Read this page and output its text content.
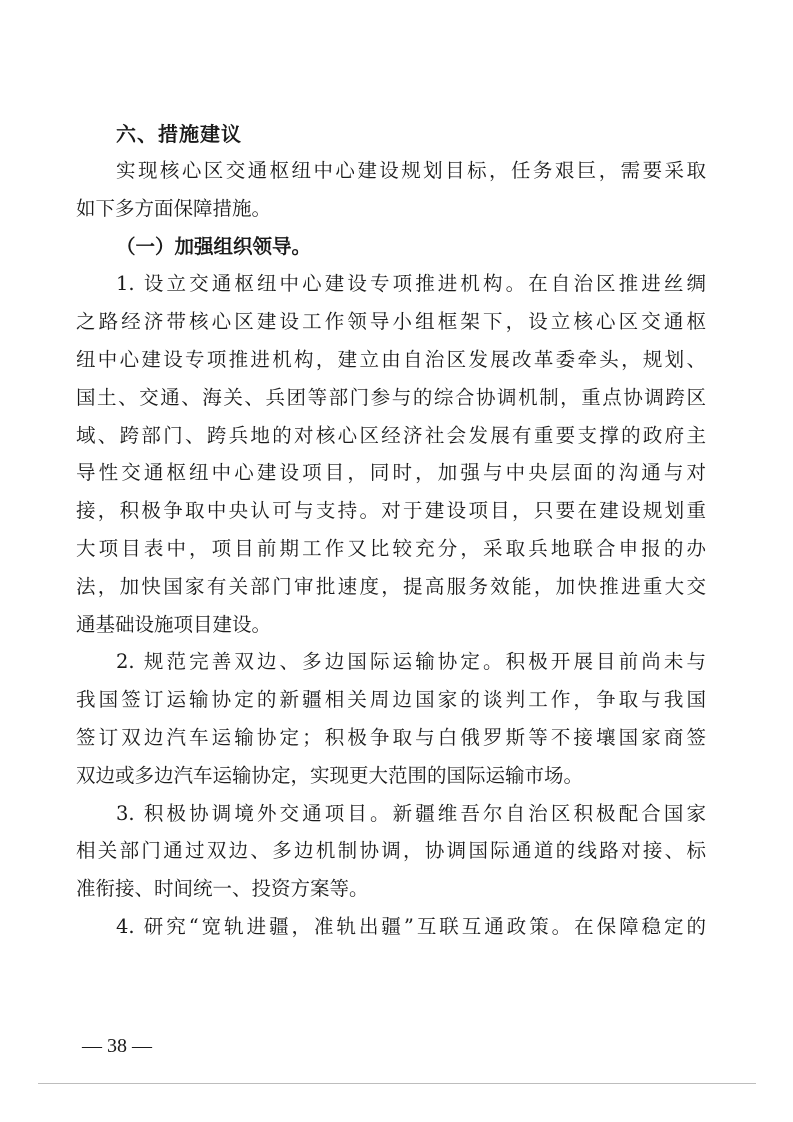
六、措施建议
实现核心区交通枢纽中心建设规划目标，任务艰巨，需要采取
如下多方面保障措施。
（一）加强组织领导。
1. 设立交通枢纽中心建设专项推进机构。在自治区推进丝绸
之路经济带核心区建设工作领导小组框架下，设立核心区交通枢
纽中心建设专项推进机构，建立由自治区发展改革委牵头，规划、
国土、交通、海关、兵团等部门参与的综合协调机制，重点协调跨区
域、跨部门、跨兵地的对核心区经济社会发展有重要支撑的政府主
导性交通枢纽中心建设项目，同时，加强与中央层面的沟通与对
接，积极争取中央认可与支持。对于建设项目，只要在建设规划重
大项目表中，项目前期工作又比较充分，采取兵地联合申报的办
法，加快国家有关部门审批速度，提高服务效能，加快推进重大交
通基础设施项目建设。
2. 规范完善双边、多边国际运输协定。积极开展目前尚未与
我国签订运输协定的新疆相关周边国家的谈判工作，争取与我国
签订双边汽车运输协定；积极争取与白俄罗斯等不接壤国家商签
双边或多边汽车运输协定，实现更大范围的国际运输市场。
3. 积极协调境外交通项目。新疆维吾尔自治区积极配合国家
相关部门通过双边、多边机制协调，协调国际通道的线路对接、标
准衔接、时间统一、投资方案等。
4. 研究“宽轨进疆，准轨出疆”互联互通政策。在保障稳定的
— 38 —
